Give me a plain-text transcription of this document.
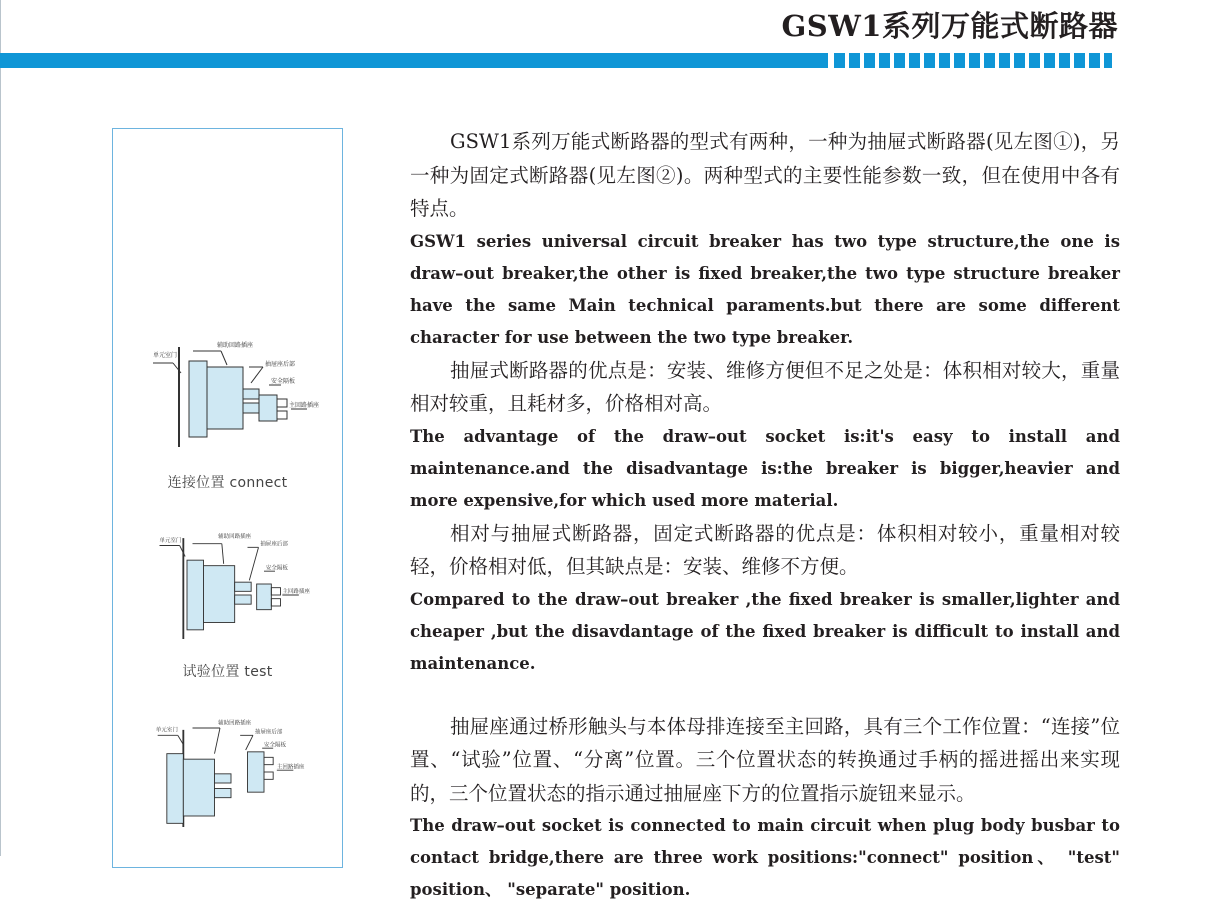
GSW1系列万能式断路器
单元室门
辅助回路插座
抽屉座后部
安全隔板
主回路插座
连接位置 connect
单元室门
辅助回路插座
抽屉座后部
安全隔板
主回路插座
试验位置 test
单元室门
辅助回路插座
抽屉座后部
安全隔板
主回路插座

GSW1系列万能式断路器的型式有两种，一种为抽屉式断路器(见左图①)，另一种为固定式断路器(见左图②)。两种型式的主要性能参数一致，但在使用中各有特点。

GSW1 series universal circuit breaker has two type structure,the one is draw–out breaker,the other is fixed breaker,the two type structure breaker have the same Main technical paraments.but there are some different character for use between the two type breaker.

抽屉式断路器的优点是：安装、维修方便但不足之处是：体积相对较大，重量相对较重，且耗材多，价格相对高。

The advantage of the draw–out socket is:it's easy to install and maintenance.and the disadvantage is:the breaker is bigger,heavier and more expensive,for which used more material.

相对与抽屉式断路器，固定式断路器的优点是：体积相对较小，重量相对较轻，价格相对低，但其缺点是：安装、维修不方便。

Compared to the draw–out breaker ,the fixed breaker is smaller,lighter and cheaper ,but the disavdantage of the fixed breaker is difficult to install and maintenance.

抽屉座通过桥形触头与本体母排连接至主回路，具有三个工作位置：“连接”位置、“试验”位置、“分离”位置。三个位置状态的转换通过手柄的摇进摇出来实现的，三个位置状态的指示通过抽屉座下方的位置指示旋钮来显示。

The draw–out socket is connected to main circuit when plug body busbar to contact bridge,there are three work positions:"connect" position、 "test" position、 "separate" position.
